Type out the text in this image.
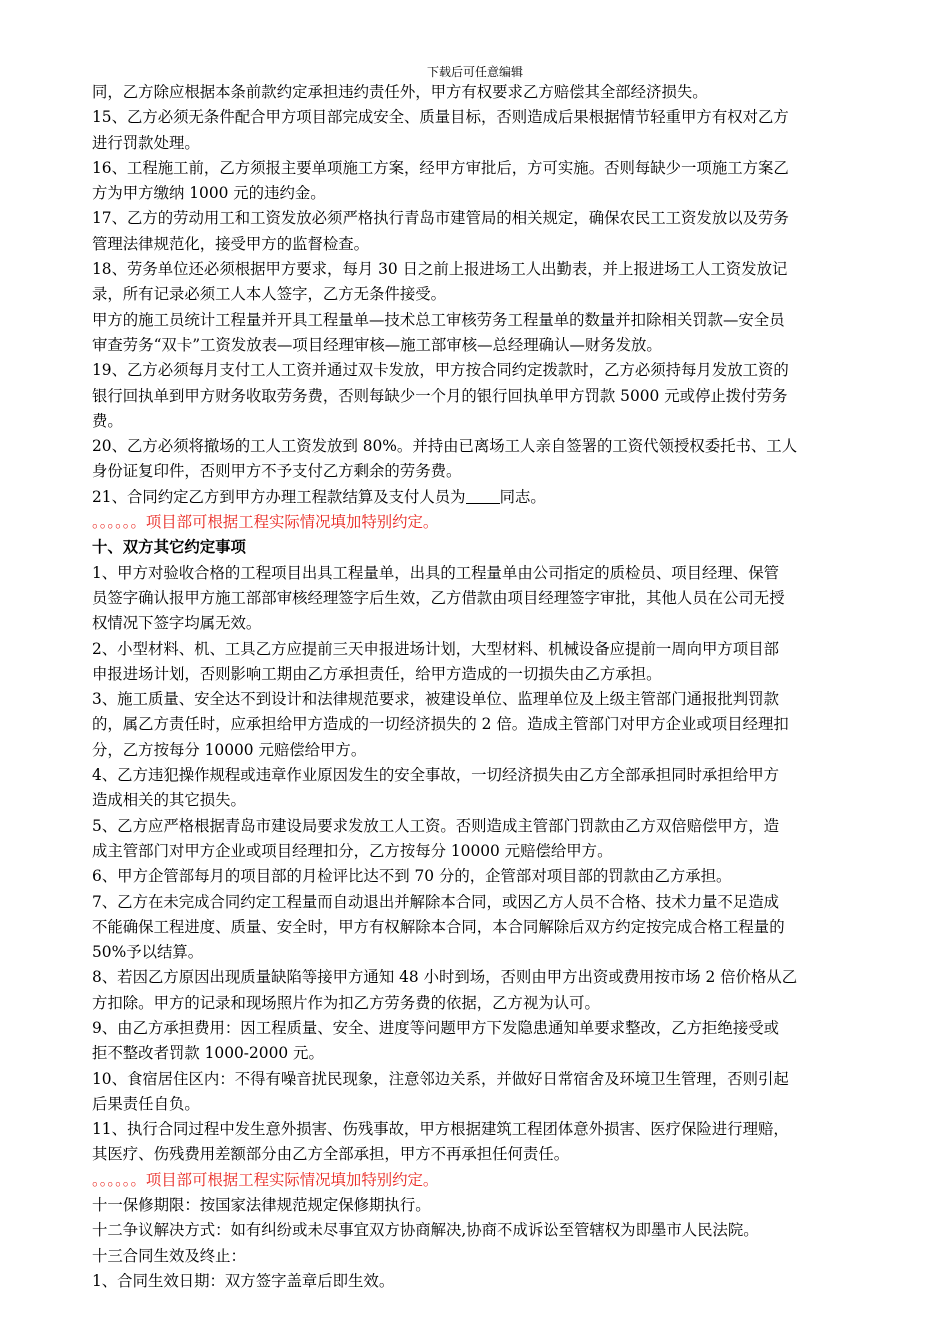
下载后可任意编辑
同，乙方除应根据本条前款约定承担违约责任外，甲方有权要求乙方赔偿其全部经济损失。
15、乙方必须无条件配合甲方项目部完成安全、质量目标，否则造成后果根据情节轻重甲方有权对乙方
进行罚款处理。
16、工程施工前，乙方须报主要单项施工方案，经甲方审批后，方可实施。否则每缺少一项施工方案乙
方为甲方缴纳 1000 元的违约金。
17、乙方的劳动用工和工资发放必须严格执行青岛市建管局的相关规定，确保农民工工资发放以及劳务
管理法律规范化，接受甲方的监督检查。
18、劳务单位还必须根据甲方要求，每月 30 日之前上报进场工人出勤表，并上报进场工人工资发放记
录，所有记录必须工人本人签字，乙方无条件接受。
甲方的施工员统计工程量并开具工程量单—技术总工审核劳务工程量单的数量并扣除相关罚款—安全员
审查劳务“双卡”工资发放表—项目经理审核—施工部审核—总经理确认—财务发放。
19、乙方必须每月支付工人工资并通过双卡发放，甲方按合同约定拨款时，乙方必须持每月发放工资的
银行回执单到甲方财务收取劳务费，否则每缺少一个月的银行回执单甲方罚款 5000 元或停止拨付劳务
费。
20、乙方必须将撤场的工人工资发放到 80%。并持由已离场工人亲自签署的工资代领授权委托书、工人
身份证复印件，否则甲方不予支付乙方剩余的劳务费。
21、合同约定乙方到甲方办理工程款结算及支付人员为 同志。
。。。。。。项目部可根据工程实际情况填加特别约定。
十、双方其它约定事项
1、甲方对验收合格的工程项目出具工程量单，出具的工程量单由公司指定的质检员、项目经理、保管
员签字确认报甲方施工部部审核经理签字后生效，乙方借款由项目经理签字审批，其他人员在公司无授
权情况下签字均属无效。
2、小型材料、机、工具乙方应提前三天申报进场计划，大型材料、机械设备应提前一周向甲方项目部
申报进场计划，否则影响工期由乙方承担责任，给甲方造成的一切损失由乙方承担。
3、施工质量、安全达不到设计和法律规范要求，被建设单位、监理单位及上级主管部门通报批判罚款
的，属乙方责任时，应承担给甲方造成的一切经济损失的 2 倍。造成主管部门对甲方企业或项目经理扣
分，乙方按每分 10000 元赔偿给甲方。
4、乙方违犯操作规程或违章作业原因发生的安全事故，一切经济损失由乙方全部承担同时承担给甲方
造成相关的其它损失。
5、乙方应严格根据青岛市建设局要求发放工人工资。否则造成主管部门罚款由乙方双倍赔偿甲方，造
成主管部门对甲方企业或项目经理扣分，乙方按每分 10000 元赔偿给甲方。
6、甲方企管部每月的项目部的月检评比达不到 70 分的，企管部对项目部的罚款由乙方承担。
7、乙方在未完成合同约定工程量而自动退出并解除本合同，或因乙方人员不合格、技术力量不足造成
不能确保工程进度、质量、安全时，甲方有权解除本合同，本合同解除后双方约定按完成合格工程量的
50%予以结算。
8、若因乙方原因出现质量缺陷等接甲方通知 48 小时到场，否则由甲方出资或费用按市场 2 倍价格从乙
方扣除。甲方的记录和现场照片作为扣乙方劳务费的依据，乙方视为认可。
9、由乙方承担费用：因工程质量、安全、进度等问题甲方下发隐患通知单要求整改，乙方拒绝接受或
拒不整改者罚款 1000-2000 元。
10、食宿居住区内：不得有噪音扰民现象，注意邻边关系，并做好日常宿舍及环境卫生管理，否则引起
后果责任自负。
11、执行合同过程中发生意外损害、伤残事故，甲方根据建筑工程团体意外损害、医疗保险进行理赔，
其医疗、伤残费用差额部分由乙方全部承担，甲方不再承担任何责任。
。。。。。。项目部可根据工程实际情况填加特别约定。
十一保修期限：按国家法律规范规定保修期执行。
十二争议解决方式：如有纠纷或未尽事宜双方协商解决,协商不成诉讼至管辖权为即墨市人民法院。
十三合同生效及终止：
1、合同生效日期：双方签字盖章后即生效。
